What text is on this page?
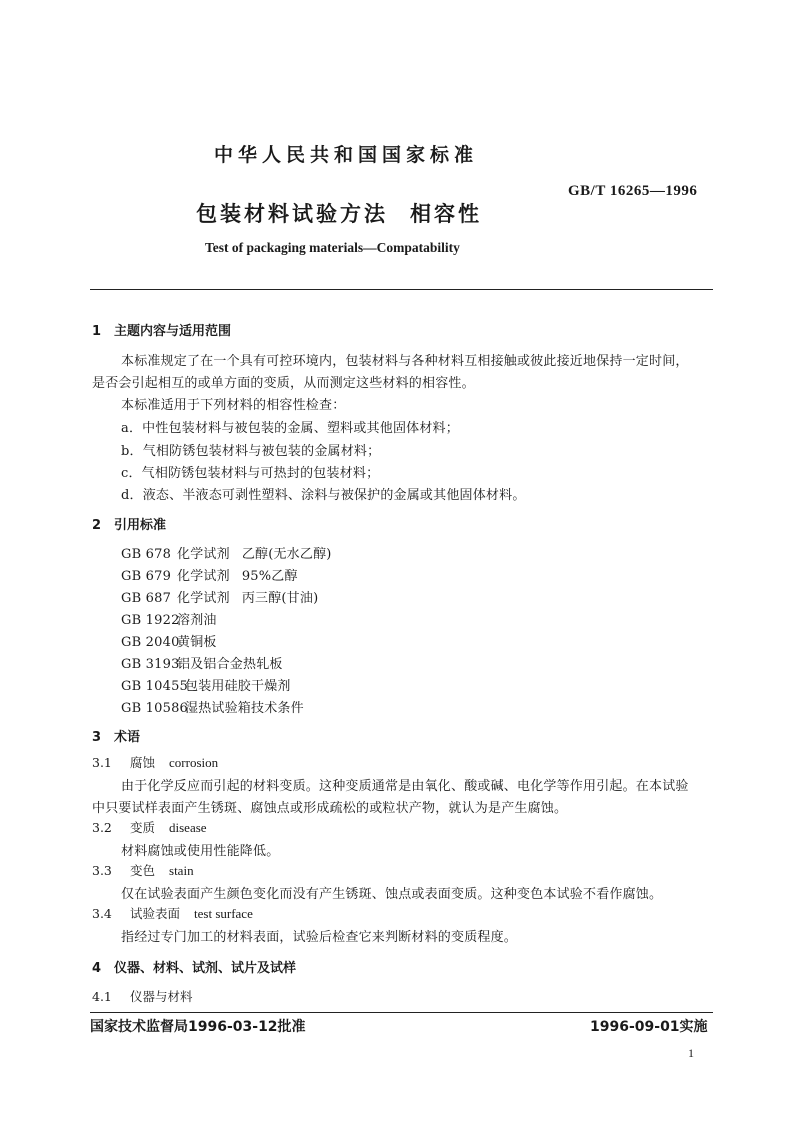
中华人民共和国国家标准
GB/T 16265—1996
包装材料试验方法 相容性
Test of packaging materials—Compatability
1 主题内容与适用范围
本标准规定了在一个具有可控环境内，包装材料与各种材料互相接触或彼此接近地保持一定时间，
是否会引起相互的或单方面的变质，从而测定这些材料的相容性。
本标准适用于下列材料的相容性检查：
a．中性包装材料与被包装的金属、塑料或其他固体材料；
b．气相防锈包装材料与被包装的金属材料；
c．气相防锈包装材料与可热封的包装材料；
d．液态、半液态可剥性塑料、涂料与被保护的金属或其他固体材料。
2 引用标准
GB 678 化学试剂 乙醇(无水乙醇)
GB 679 化学试剂 95%乙醇
GB 687 化学试剂 丙三醇(甘油)
GB 1922溶剂油
GB 2040黄铜板
GB 3193铝及铝合金热轧板
GB 10455包装用硅胶干燥剂
GB 10586湿热试验箱技术条件
3 术语
3.1 腐蚀 corrosion
由于化学反应而引起的材料变质。这种变质通常是由氧化、酸或碱、电化学等作用引起。在本试验
中只要试样表面产生锈斑、腐蚀点或形成疏松的或粒状产物，就认为是产生腐蚀。
3.2 变质 disease
材料腐蚀或使用性能降低。
3.3 变色 stain
仅在试验表面产生颜色变化而没有产生锈斑、蚀点或表面变质。这种变色本试验不看作腐蚀。
3.4 试验表面 test surface
指经过专门加工的材料表面，试验后检查它来判断材料的变质程度。
4 仪器、材料、试剂、试片及试样
4.1 仪器与材料
国家技术监督局1996-03-12批准	1996-09-01实施
1
